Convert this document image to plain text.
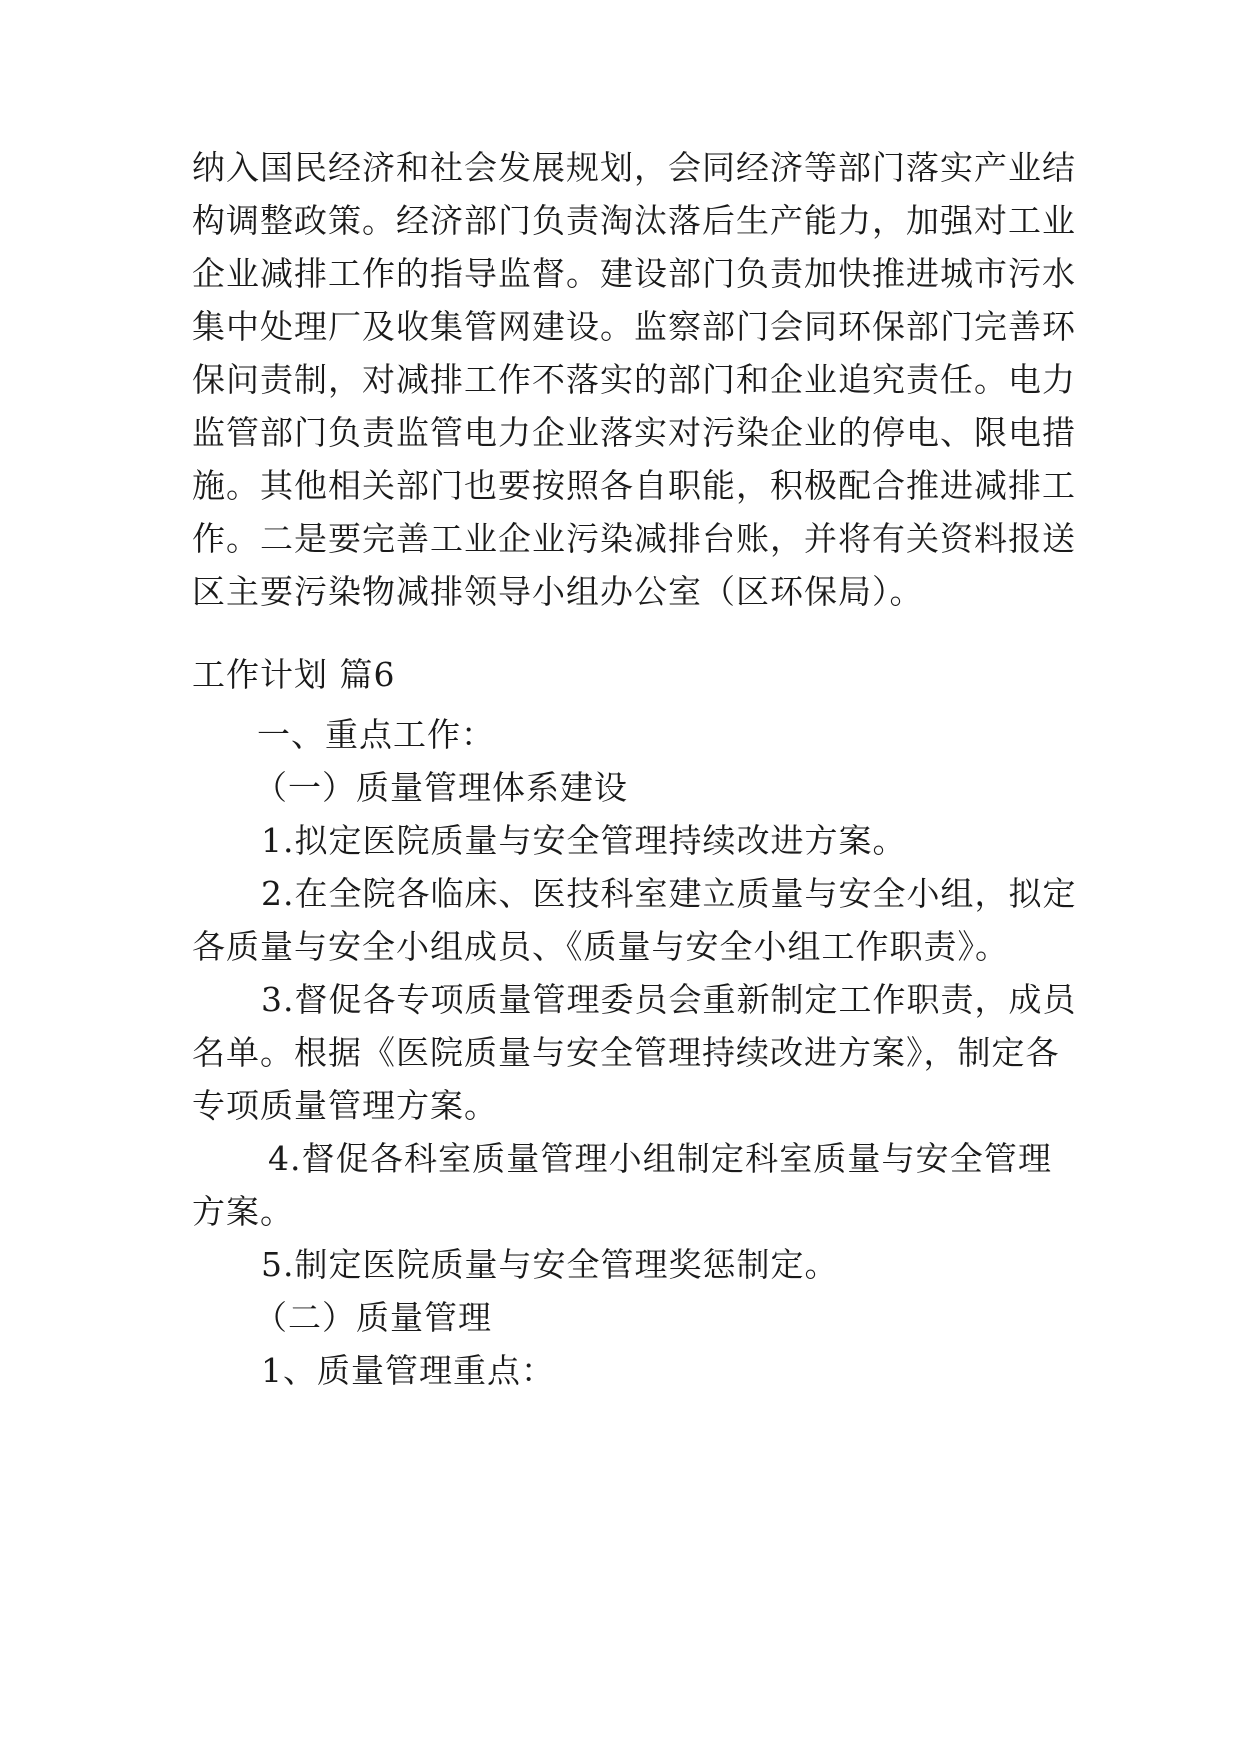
纳入国民经济和社会发展规划，会同经济等部门落实产业结
构调整政策。经济部门负责淘汰落后生产能力，加强对工业
企业减排工作的指导监督。建设部门负责加快推进城市污水
集中处理厂及收集管网建设。监察部门会同环保部门完善环
保问责制，对减排工作不落实的部门和企业追究责任。电力
监管部门负责监管电力企业落实对污染企业的停电、限电措
施。其他相关部门也要按照各自职能，积极配合推进减排工
作。二是要完善工业企业污染减排台账，并将有关资料报送
区主要污染物减排领导小组办公室（区环保局）。
工作计划 篇6
一、重点工作：
（一）质量管理体系建设
1.拟定医院质量与安全管理持续改进方案。
2.在全院各临床、医技科室建立质量与安全小组，拟定
各质量与安全小组成员、《质量与安全小组工作职责》。
3.督促各专项质量管理委员会重新制定工作职责，成员
名单。根据《医院质量与安全管理持续改进方案》，制定各
专项质量管理方案。
4.督促各科室质量管理小组制定科室质量与安全管理
方案。
5.制定医院质量与安全管理奖惩制定。
（二）质量管理
1、质量管理重点：
